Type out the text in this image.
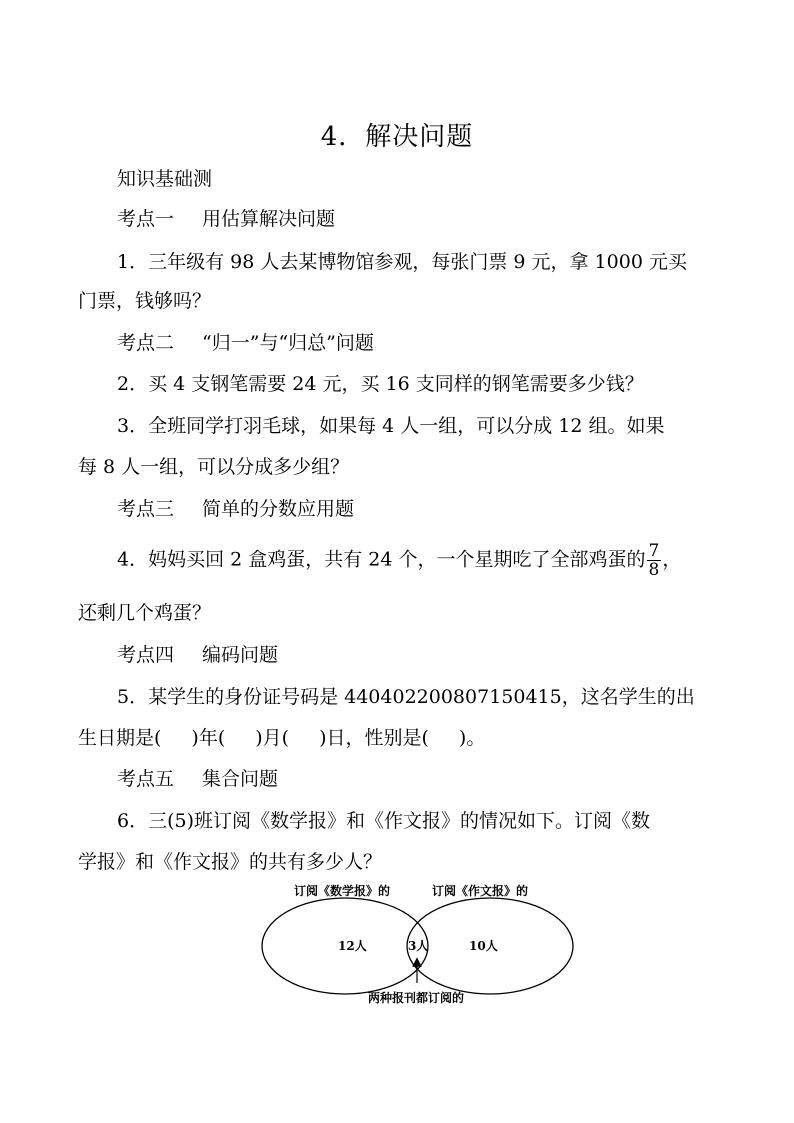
4．解决问题
知识基础测
考点一 用估算解决问题
1．三年级有 98 人去某博物馆参观，每张门票 9 元，拿 1000 元买
门票，钱够吗？
考点二 “归一”与“归总”问题
2．买 4 支钢笔需要 24 元，买 16 支同样的钢笔需要多少钱？
3．全班同学打羽毛球，如果每 4 人一组，可以分成 12 组。如果
每 8 人一组，可以分成多少组？
考点三 简单的分数应用题
4．妈妈买回 2 盒鸡蛋，共有 24 个，一个星期吃了全部鸡蛋的 $\frac{7}{8}$ ，
还剩几个鸡蛋？
考点四 编码问题
5．某学生的身份证号码是 440402200807150415，这名学生的出
生日期是( )年( )月( )日，性别是( )。
考点五 集合问题
6．三(5)班订阅《数学报》和《作文报》的情况如下。订阅《数
学报》和《作文报》的共有多少人？
订阅《数学报》的	订阅《作文报》的
12人	3人	10人
两种报刊都订阅的
